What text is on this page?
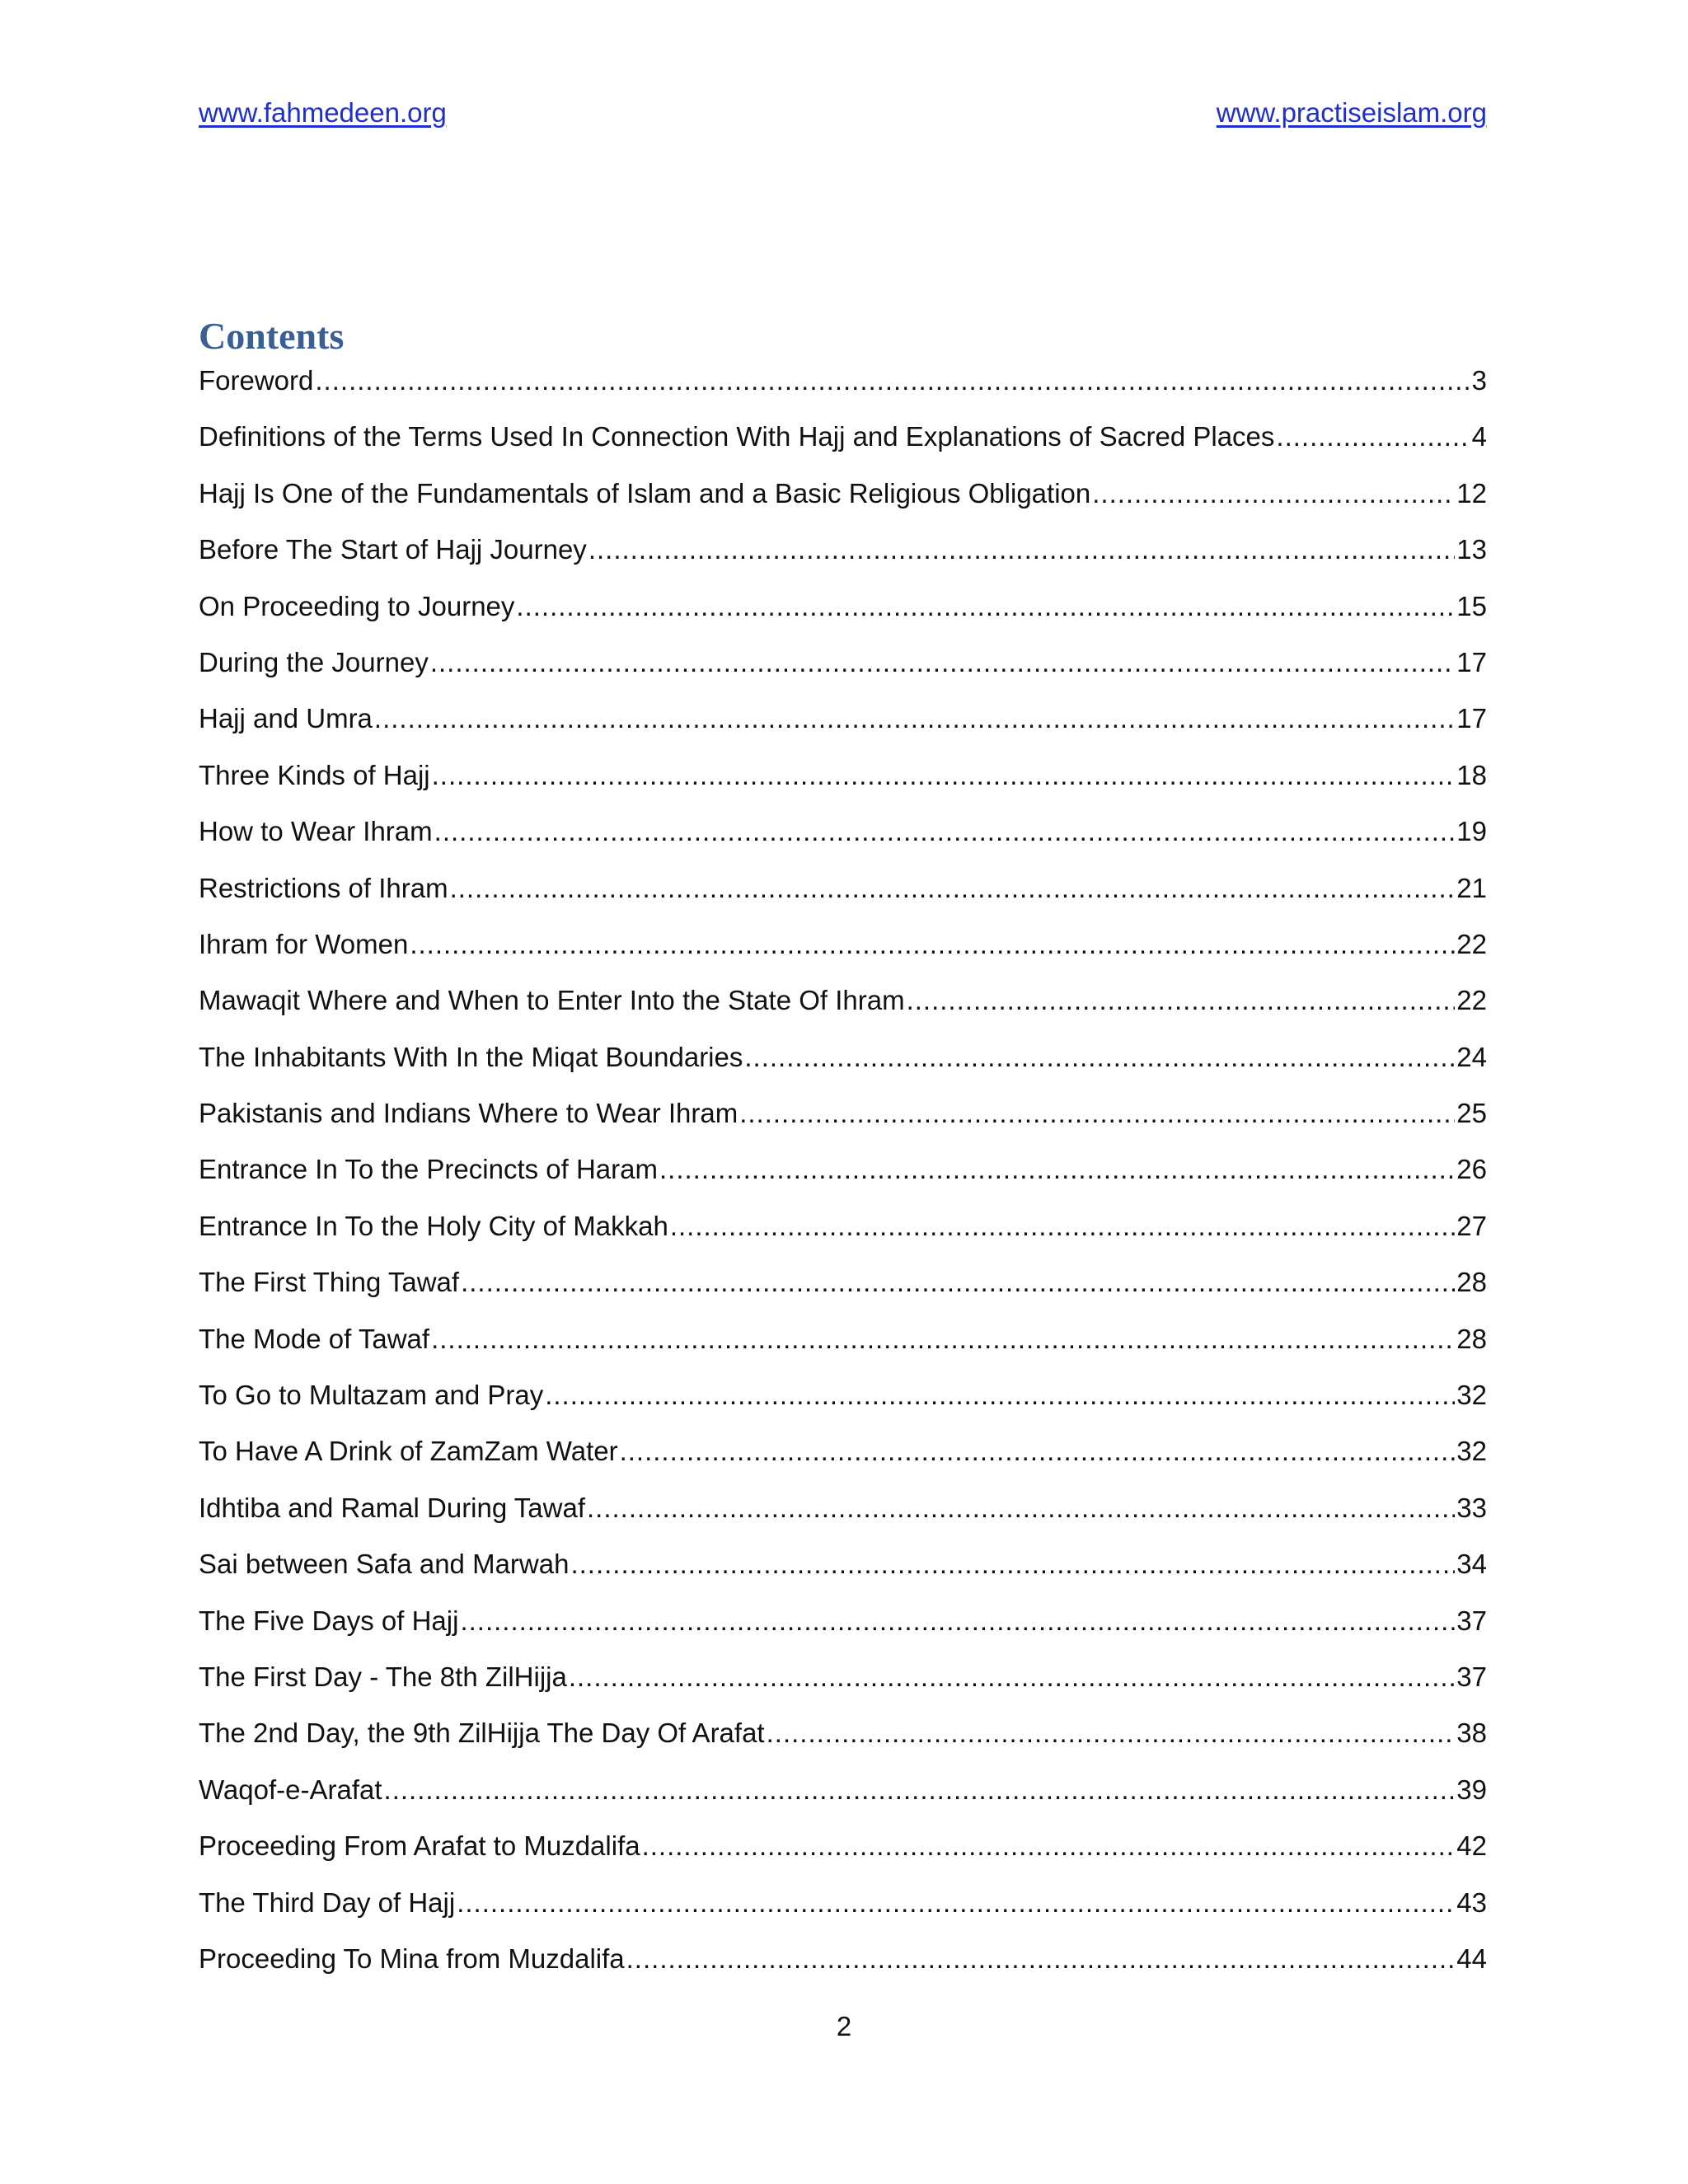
www.fahmedeen.org	www.practiseislam.org
Contents
Foreword .....	3
Definitions of the Terms Used In Connection With Hajj and Explanations of Sacred Places .....	4
Hajj Is One of the Fundamentals of Islam and a Basic Religious Obligation .....	12
Before The Start of Hajj Journey .....	13
On Proceeding to Journey .....	15
During the Journey .....	17
Hajj and Umra .....	17
Three Kinds of Hajj .....	18
How to Wear Ihram .....	19
Restrictions of Ihram .....	21
Ihram for Women .....	22
Mawaqit Where and When to Enter Into the State Of Ihram .....	22
The Inhabitants With In the Miqat Boundaries .....	24
Pakistanis and Indians Where to Wear Ihram .....	25
Entrance In To the Precincts of Haram .....	26
Entrance In To the Holy City of Makkah .....	27
The First Thing Tawaf .....	28
The Mode of Tawaf .....	28
To Go to Multazam and Pray .....	32
To Have A Drink of ZamZam Water .....	32
Idhtiba and Ramal During Tawaf .....	33
Sai between Safa and Marwah .....	34
The Five Days of Hajj .....	37
The First Day - The 8th ZilHijja .....	37
The 2nd Day, the 9th ZilHijja The Day Of Arafat .....	38
Waqof-e-Arafat .....	39
Proceeding From Arafat to Muzdalifa .....	42
The Third Day of Hajj .....	43
Proceeding To Mina from Muzdalifa .....	44
2
